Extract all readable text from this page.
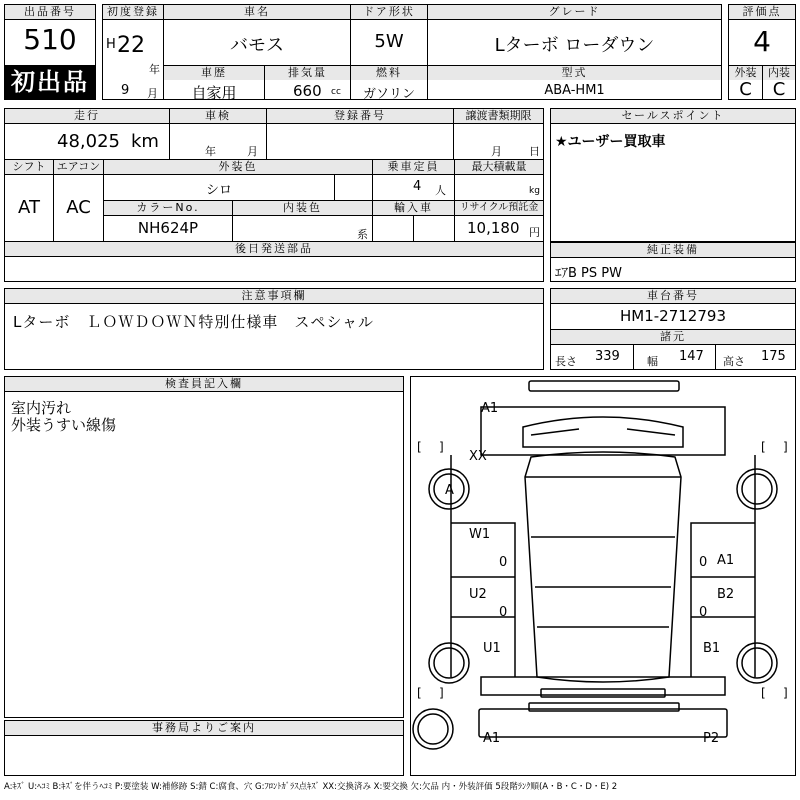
出品番号
510
初出品
初度登録
H 22
年
9 月
車名
バモス
ドア形状
5W
グレード
Lターボ ローダウン
車歴
自家用
排気量
660 cc
燃料
ガソリン
型式
ABA-HM1
評価点
4
外装	内装
C	C
走行
48,025 km
車検
年	月
登録番号	譲渡書類期限
月 日
シフト
AT
エアコン
AC
外装色
シロ
乗車定員
4 人
最大積載量
kg
カラーNo.
NH624P
内装色
系
輸入車	リサイクル預託金
10,180 円
後日発送部品
セールスポイント
★ユーザー買取車
純正装備
ｴｱB PS PW
注意事項欄
Lターボ　ＬＯＷＤＯＷＮ特別仕様車　スペシャル
車台番号
HM1-2712793
諸元
長さ 339 幅 147 高さ 175
検査員記入欄
室内汚れ
外装うすい線傷
事務局よりご案内
[ ]	[ ]
[ ]	[ ]
A1
XX
A
W1
0	A1
0
U2
0
B2
0
U1	B1
A1	P2
A:ｷｽﾞ U:ﾍｺﾐ B:ｷｽﾞを伴うﾍｺﾐ P:要塗装 W:補修跡 S:錆 C:腐食、穴 G:ﾌﾛﾝﾄｶﾞﾗｽ点ｷｽﾞ XX:交換済み X:要交換 欠:欠品 内・外装評価 5段階ﾗﾝｸ順(A・B・C・D・E) 2
